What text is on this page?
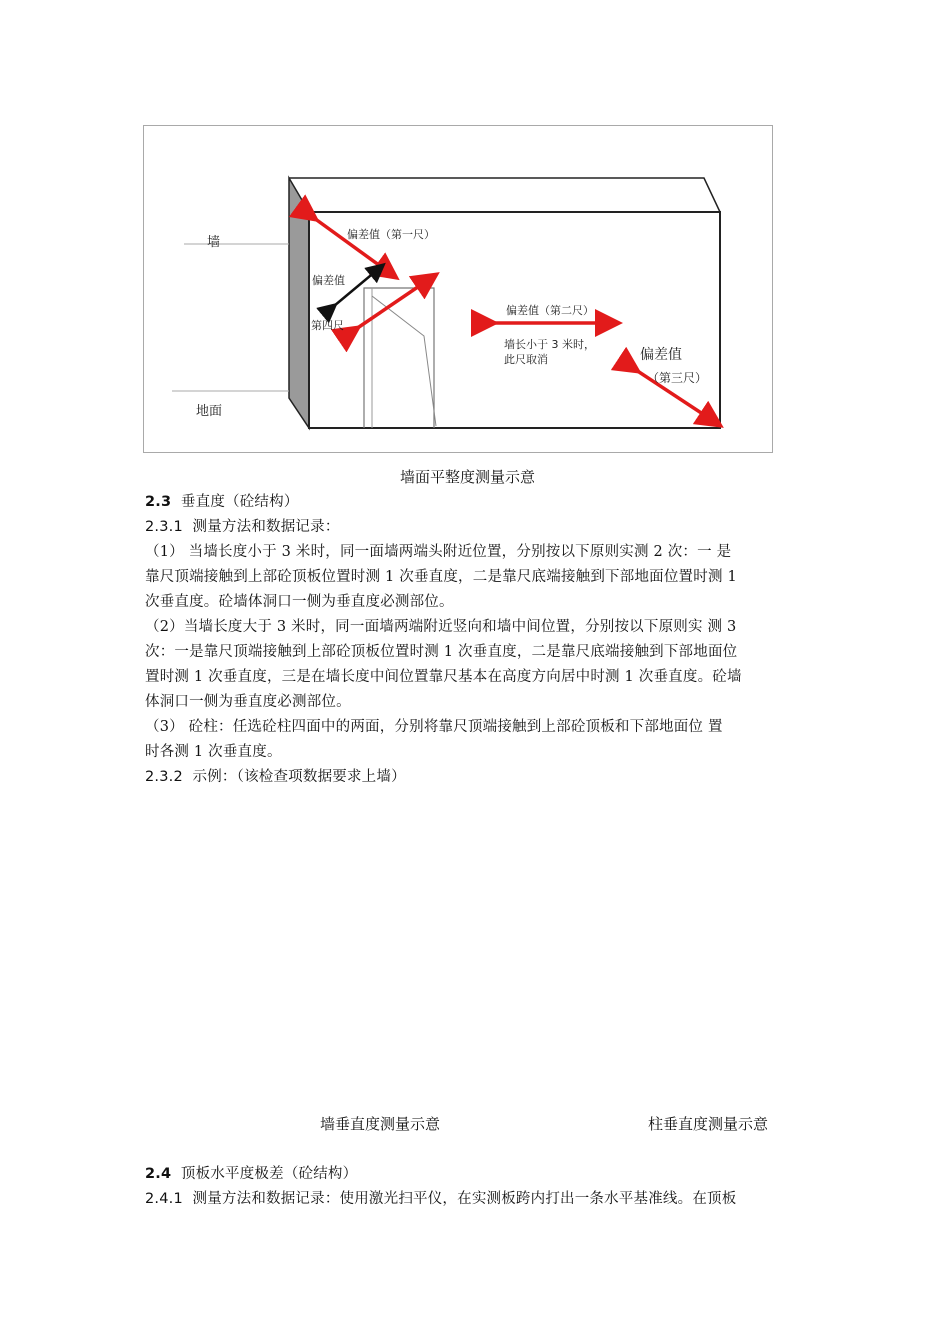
墙
地面
偏差值（第一尺）
偏差值
第四尺
偏差值（第二尺）
墙长小于 3 米时，
此尺取消	偏差值
（第三尺）
墙面平整度测量示意
2.3 垂直度（砼结构）
2.3.1 测量方法和数据记录：
（1） 当墙长度小于 3 米时，同一面墙两端头附近位置，分别按以下原则实测 2 次：一 是
靠尺顶端接触到上部砼顶板位置时测 1 次垂直度，二是靠尺底端接触到下部地面位置时测 1
次垂直度。砼墙体洞口一侧为垂直度必测部位。
（2）当墙长度大于 3 米时，同一面墙两端附近竖向和墙中间位置，分别按以下原则实 测 3
次：一是靠尺顶端接触到上部砼顶板位置时测 1 次垂直度，二是靠尺底端接触到下部地面位
置时测 1 次垂直度，三是在墙长度中间位置靠尺基本在高度方向居中时测 1 次垂直度。砼墙
体洞口一侧为垂直度必测部位。
（3） 砼柱：任选砼柱四面中的两面，分别将靠尺顶端接触到上部砼顶板和下部地面位 置
时各测 1 次垂直度。
2.3.2 示例：（该检查项数据要求上墙）
墙垂直度测量示意	柱垂直度测量示意
2.4 顶板水平度极差（砼结构）
2.4.1 测量方法和数据记录：使用激光扫平仪，在实测板跨内打出一条水平基准线。在顶板
